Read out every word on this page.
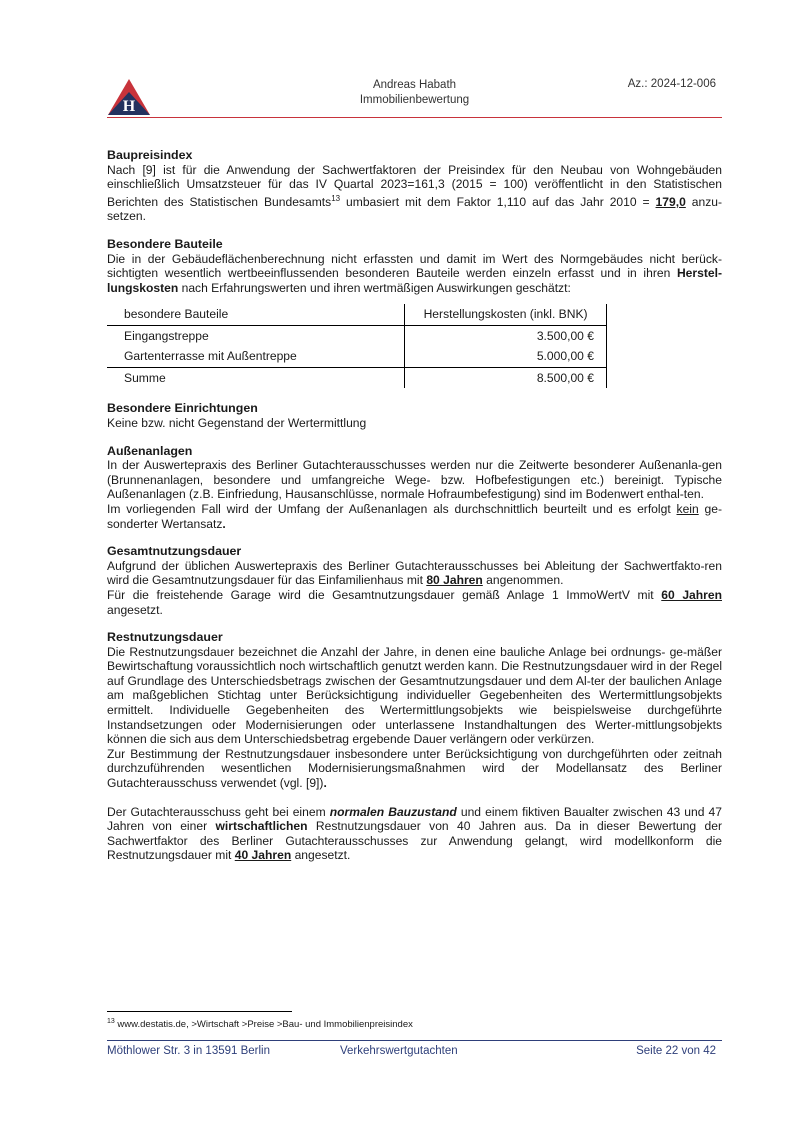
H
Andreas Habath
Immobilienbewertung
Az.: 2024-12-006
Baupreisindex

Nach [9] ist für die Anwendung der Sachwertfaktoren der Preisindex für den Neubau von Wohngebäuden einschließlich Umsatzsteuer für das IV Quartal 2023=161,3 (2015 = 100) veröffentlicht in den Statistischen Berichten des Statistischen Bundesamts$^{13}$ umbasiert mit dem Faktor 1,110 auf das Jahr 2010 = 179,0 anzu-setzen.

Besondere Bauteile

Die in der Gebäudeflächenberechnung nicht erfassten und damit im Wert des Normgebäudes nicht berück-sichtigten wesentlich wertbeeinflussenden besonderen Bauteile werden einzeln erfasst und in ihren Herstel-lungskosten nach Erfahrungswerten und ihren wertmäßigen Auswirkungen geschätzt:

besondere Bauteile	Herstellungskosten (inkl. BNK)
Eingangstreppe	3.500,00 €
Gartenterrasse mit Außentreppe	5.000,00 €
Summe	8.500,00 €
Besondere Einrichtungen

Keine bzw. nicht Gegenstand der Wertermittlung

Außenanlagen

In der Auswertepraxis des Berliner Gutachterausschusses werden nur die Zeitwerte besonderer Außenanla-gen (Brunnenanlagen, besondere und umfangreiche Wege- bzw. Hofbefestigungen etc.) bereinigt. Typische Außenanlagen (z.B. Einfriedung, Hausanschlüsse, normale Hofraumbefestigung) sind im Bodenwert enthal-ten.

Im vorliegenden Fall wird der Umfang der Außenanlagen als durchschnittlich beurteilt und es erfolgt kein ge-sonderter Wertansatz.

Gesamtnutzungsdauer

Aufgrund der üblichen Auswertepraxis des Berliner Gutachterausschusses bei Ableitung der Sachwertfakto-ren wird die Gesamtnutzungsdauer für das Einfamilienhaus mit 80 Jahren angenommen.

Für die freistehende Garage wird die Gesamtnutzungsdauer gemäß Anlage 1 ImmoWertV mit 60 Jahren angesetzt.

Restnutzungsdauer

Die Restnutzungsdauer bezeichnet die Anzahl der Jahre, in denen eine bauliche Anlage bei ordnungs- ge-mäßer Bewirtschaftung voraussichtlich noch wirtschaftlich genutzt werden kann. Die Restnutzungsdauer wird in der Regel auf Grundlage des Unterschiedsbetrags zwischen der Gesamtnutzungsdauer und dem Al-ter der baulichen Anlage am maßgeblichen Stichtag unter Berücksichtigung individueller Gegebenheiten des Wertermittlungsobjekts ermittelt. Individuelle Gegebenheiten des Wertermittlungsobjekts wie beispielsweise durchgeführte Instandsetzungen oder Modernisierungen oder unterlassene Instandhaltungen des Werter-mittlungsobjekts können die sich aus dem Unterschiedsbetrag ergebende Dauer verlängern oder verkürzen.

Zur Bestimmung der Restnutzungsdauer insbesondere unter Berücksichtigung von durchgeführten oder zeitnah durchzuführenden wesentlichen Modernisierungsmaßnahmen wird der Modellansatz des Berliner Gutachterausschuss verwendet (vgl. [9]).

Der Gutachterausschuss geht bei einem normalen Bauzustand und einem fiktiven Baualter zwischen 43 und 47 Jahren von einer wirtschaftlichen Restnutzungsdauer von 40 Jahren aus. Da in dieser Bewertung der Sachwertfaktor des Berliner Gutachterausschusses zur Anwendung gelangt, wird modellkonform die Restnutzungsdauer mit 40 Jahren angesetzt.

$^{13}$ www.destatis.de, >Wirtschaft >Preise >Bau- und Immobilienpreisindex
Möthlower Str. 3 in 13591 Berlin	Verkehrswertgutachten	Seite 22 von 42
